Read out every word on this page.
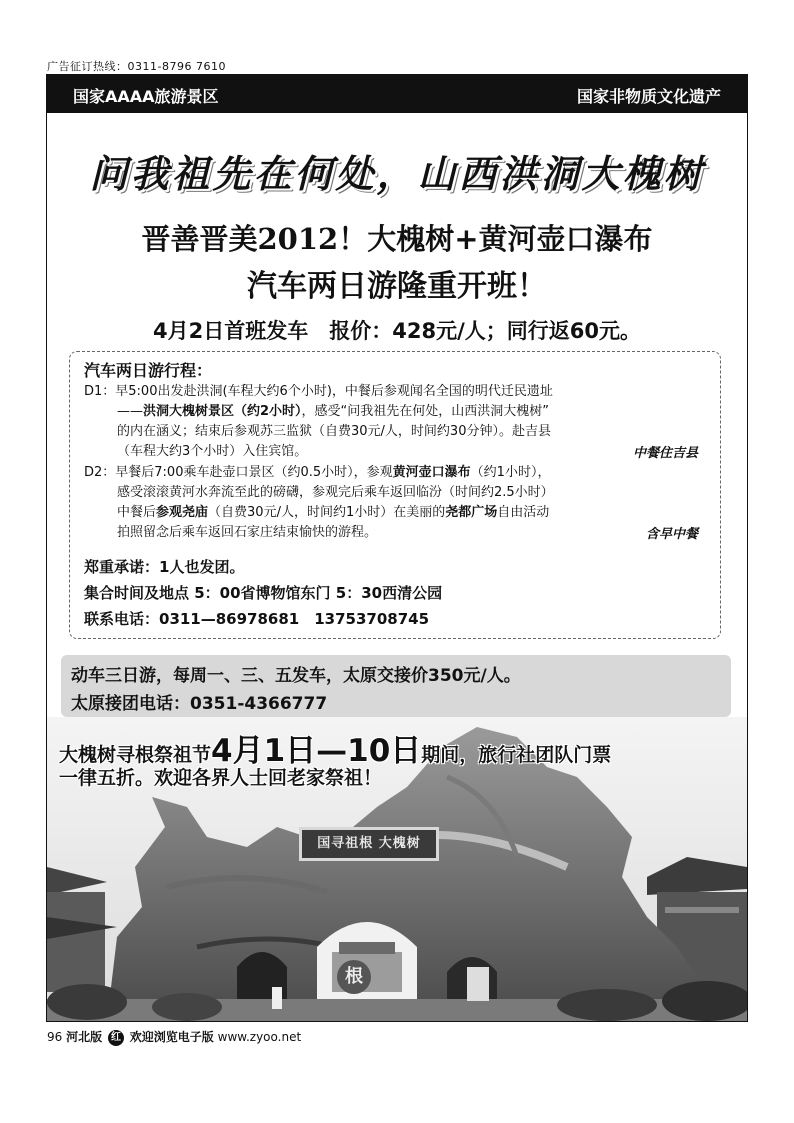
广告征订热线：0311-8796 7610
国家AAAA旅游景区	国家非物质文化遗产
问我祖先在何处，山西洪洞大槐树
晋善晋美2012！大槐树+黄河壶口瀑布
汽车两日游隆重开班！
4月2日首班发车　报价：428元/人；同行返60元。
汽车两日游行程：
D1：早5:00出发赴洪洞(车程大约6个小时)，中餐后参观闻名全国的明代迁民遗址
——洪洞大槐树景区（约2小时），感受“问我祖先在何处，山西洪洞大槐树”
的内在涵义；结束后参观苏三监狱（自费30元/人，时间约30分钟）。赴吉县
（车程大约3个小时）入住宾馆。	中餐住吉县
D2：早餐后7:00乘车赴壶口景区（约0.5小时），参观黄河壶口瀑布（约1小时），
感受滚滚黄河水奔流至此的磅礴，参观完后乘车返回临汾（时间约2.5小时）
中餐后参观尧庙（自费30元/人，时间约1小时）在美丽的尧都广场自由活动
拍照留念后乘车返回石家庄结束愉快的游程。	含早中餐
郑重承诺：1人也发团。
集合时间及地点 5：00省博物馆东门 5：30西清公园
联系电话：0311—86978681　13753708745
动车三日游，每周一、三、五发车，太原交接价350元/人。
太原接团电话：0351-4366777
大槐树寻根祭祖节4月1日—10日期间，旅行社团队门票
一律五折。欢迎各界人士回老家祭祖！
国寻祖根 大槐树
根
96 河北版 红 欢迎浏览电子版 www.zyoo.net
